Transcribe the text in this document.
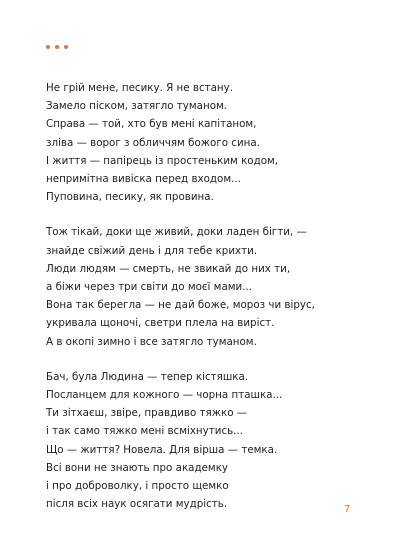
Не грій мене, песику. Я не встану.
Замело піском, затягло туманом.
Справа — той, хто був мені капітаном,
зліва — ворог з обличчям божого сина.
І життя — папірець із простеньким кодом,
непримітна вивіска перед входом...
Пуповина, песику, як провина.
Тож тікай, доки ще живий, доки ладен бігти, —
знайде свіжий день і для тебе крихти.
Люди людям — смерть, не звикай до них ти,
а біжи через три світи до моєї мами...
Вона так берегла — не дай боже, мороз чи вірус,
укривала щоночі, светри плела на виріст.
А в окопі зимно і все затягло туманом.
Бач, була Людина — тепер кістяшка.
Посланцем для кожного — чорна пташка...
Ти зітхаєш, звіре, правдиво тяжко —
і так само тяжко мені всміхнутись...
Що — життя? Новела. Для вірша — темка.
Всі вони не знають про академку
і про доброволку, і просто щемко
після всіх наук осягати мудрість.	7
